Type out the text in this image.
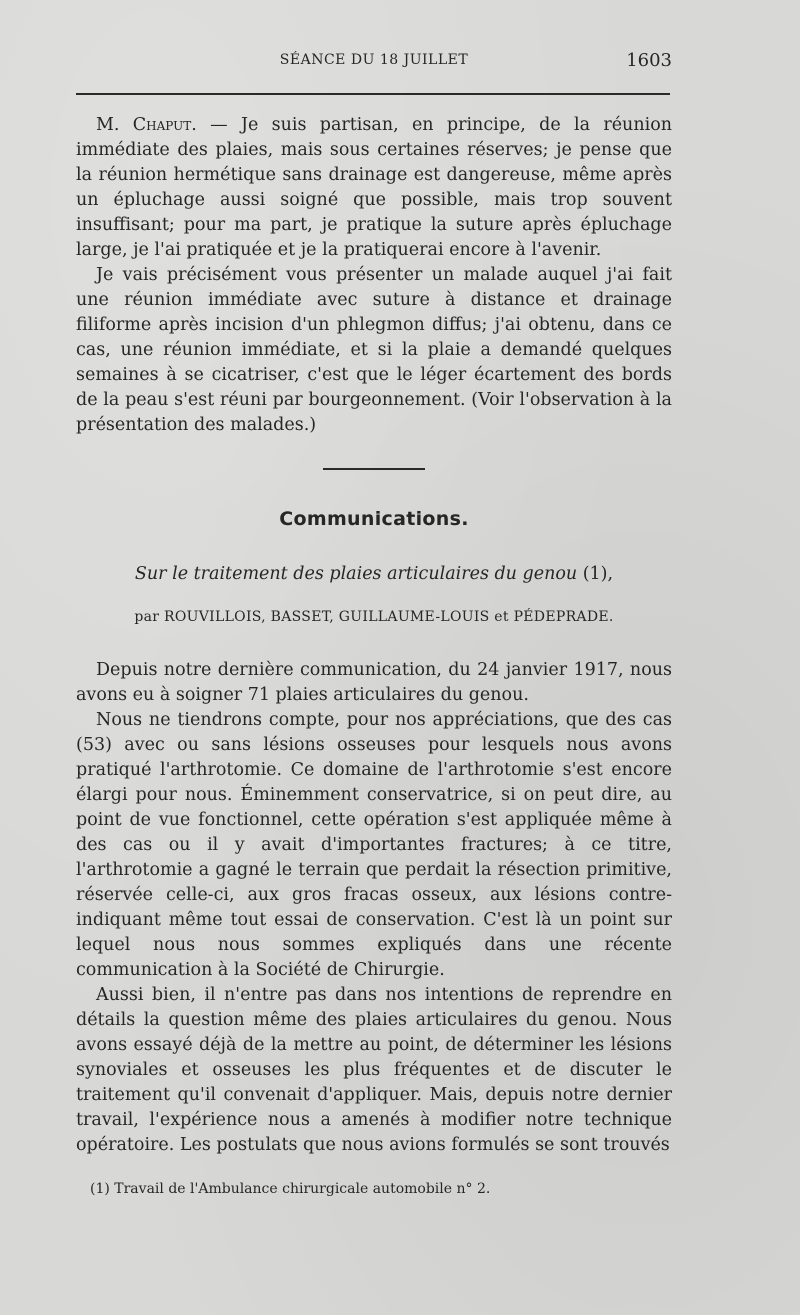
SÉANCE DU 18 JUILLET	1603

M. Chaput. — Je suis partisan, en principe, de la réunion immédiate des plaies, mais sous certaines réserves; je pense que la réunion hermétique sans drainage est dangereuse, même après un épluchage aussi soigné que possible, mais trop souvent insuffisant; pour ma part, je pratique la suture après épluchage large, je l'ai pratiquée et je la pratiquerai encore à l'avenir.

Je vais précisément vous présenter un malade auquel j'ai fait une réunion immédiate avec suture à distance et drainage filiforme après incision d'un phlegmon diffus; j'ai obtenu, dans ce cas, une réunion immédiate, et si la plaie a demandé quelques semaines à se cicatriser, c'est que le léger écartement des bords de la peau s'est réuni par bourgeonnement. (Voir l'observation à la présentation des malades.)

Communications.
Sur le traitement des plaies articulaires du genou (1),
par ROUVILLOIS, BASSET, GUILLAUME-LOUIS et PÉDEPRADE.

Depuis notre dernière communication, du 24 janvier 1917, nous avons eu à soigner 71 plaies articulaires du genou.

Nous ne tiendrons compte, pour nos appréciations, que des cas (53) avec ou sans lésions osseuses pour lesquels nous avons pratiqué l'arthrotomie. Ce domaine de l'arthrotomie s'est encore élargi pour nous. Éminemment conservatrice, si on peut dire, au point de vue fonctionnel, cette opération s'est appliquée même à des cas ou il y avait d'importantes fractures; à ce titre, l'arthrotomie a gagné le terrain que perdait la résection primitive, réservée celle-ci, aux gros fracas osseux, aux lésions contre-indiquant même tout essai de conservation. C'est là un point sur lequel nous nous sommes expliqués dans une récente communication à la Société de Chirurgie.

Aussi bien, il n'entre pas dans nos intentions de reprendre en détails la question même des plaies articulaires du genou. Nous avons essayé déjà de la mettre au point, de déterminer les lésions synoviales et osseuses les plus fréquentes et de discuter le traitement qu'il convenait d'appliquer. Mais, depuis notre dernier travail, l'expérience nous a amenés à modifier notre technique opératoire. Les postulats que nous avions formulés se sont trouvés

(1) Travail de l'Ambulance chirurgicale automobile n° 2.
